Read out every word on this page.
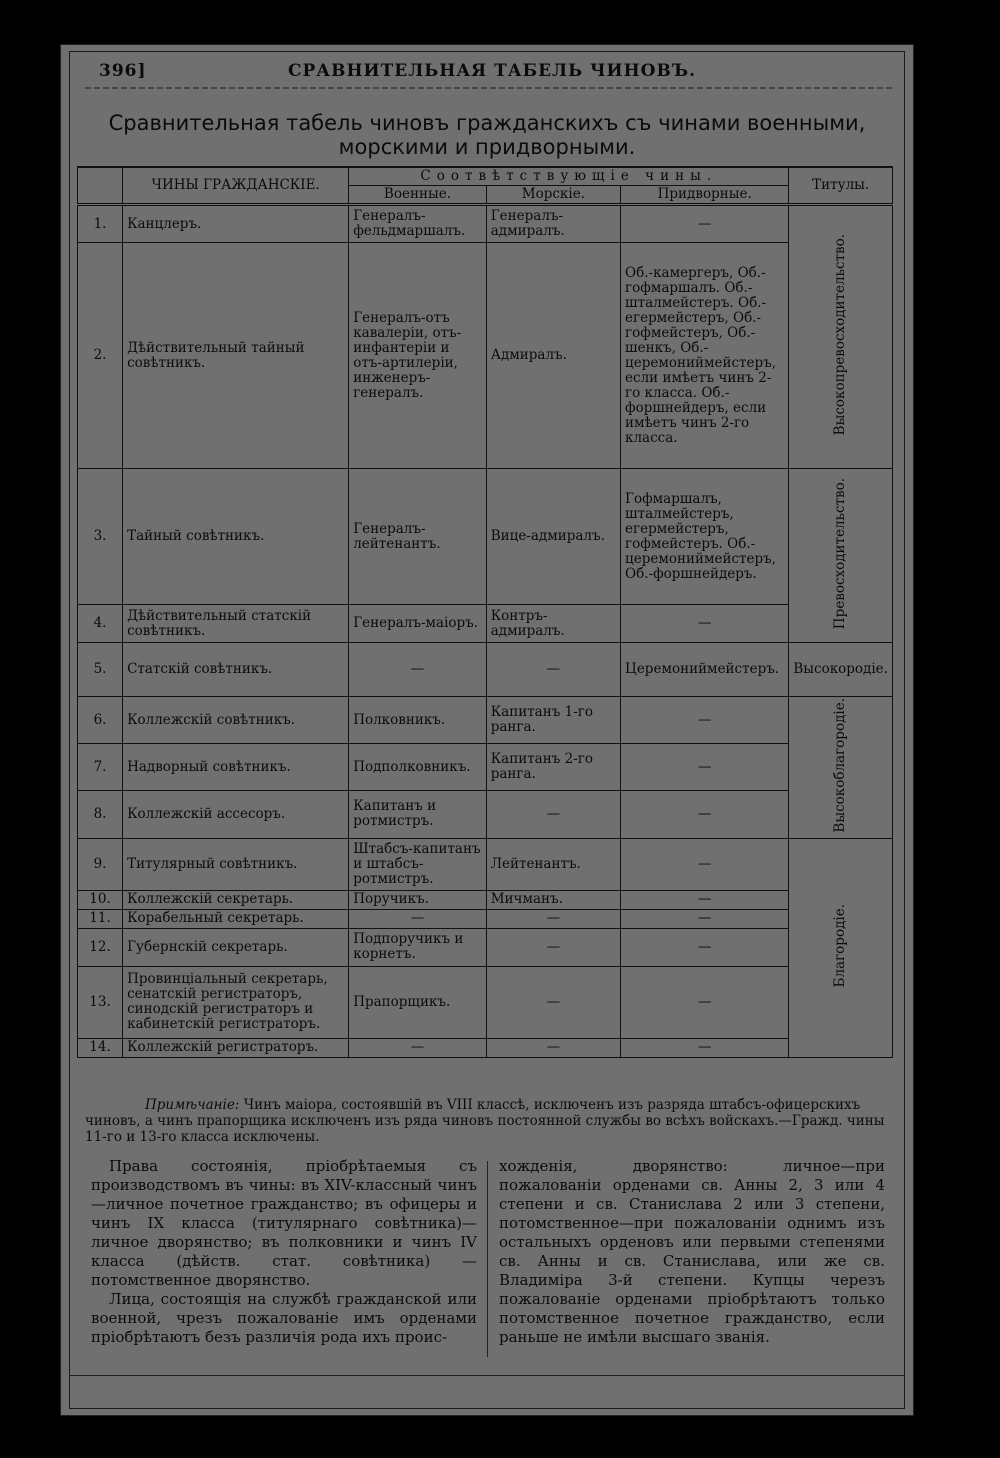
396]	СРАВНИТЕЛЬНАЯ ТАБЕЛЬ ЧИНОВЪ.
Сравнительная табель чиновъ гражданскихъ съ чинами военными, морскими и придворными.
	ЧИНЫ ГРАЖДАНСКІЕ.	Соотвѣтствующіе чины.			Титулы.
		Военные.	Морскіе.	Придворные.	
1.	Канцлеръ.	Генералъ-фельдмаршалъ.	Генералъ-адмиралъ.	—	Высокопревосходительство.
2.	Дѣйствительный тайный совѣтникъ.	Генералъ-отъ кавалеріи, отъ-инфантеріи и отъ-артилеріи, инженеръ-генералъ.	Адмиралъ.	Об.-камергеръ, Об.-гофмаршалъ. Об.-шталмейстеръ. Об.-егермейстеръ, Об.-гофмейстеръ, Об.-шенкъ, Об.-церемониймейстеръ, если имѣетъ чинъ 2-го класса. Об.-форшнейдеръ, если имѣетъ чинъ 2-го класса.	
3.	Тайный совѣтникъ.	Генералъ-лейтенантъ.	Вице-адмиралъ.	Гофмаршалъ, шталмейстеръ, егермейстеръ, гофмейстеръ. Об.-церемониймейстеръ, Об.-форшнейдеръ.	Превосходительство.
4.	Дѣйствительный статскій совѣтникъ.	Генералъ-маіоръ.	Контръ-адмиралъ.	—	
5.	Статскій совѣтникъ.	—	—	Церемониймейстеръ.	Высокородіе.
6.	Коллежскій совѣтникъ.	Полковникъ.	Капитанъ 1-го ранга.	—	Высокоблагородіе.
7.	Надворный совѣтникъ.	Подполковникъ.	Капитанъ 2-го ранга.	—	
8.	Коллежскій ассесоръ.	Капитанъ и ротмистръ.	—	—	
9.	Титулярный совѣтникъ.	Штабсъ-капитанъ и штабсъ-ротмистръ.	Лейтенантъ.	—	Благородіе.
10.	Коллежскій секретарь.	Поручикъ.	Мичманъ.	—	
11.	Корабельный секретарь.	—	—	—	
12.	Губернскій секретарь.	Подпоручикъ и корнетъ.	—	—	
13.	Провинціальный секретарь, сенатскій регистраторъ, синодскій регистраторъ и кабинетскій регистраторъ.	Прапорщикъ.	—	—	
14.	Коллежскій регистраторъ.	—	—	—	
Примѣчаніе: Чинъ маіора, состоявшій въ VIII классѣ, исключенъ изъ разряда штабсъ-офицерскихъ чиновъ, а чинъ прапорщика исключенъ изъ ряда чиновъ постоянной службы во всѣхъ войскахъ.—Гражд. чины 11-го и 13-го класса исключены.

Права состоянія, пріобрѣтаемыя съ производствомъ въ чины: въ XIV-классный чинъ—личное почетное гражданство; въ офицеры и чинъ IX класса (титулярнаго совѣтника)—личное дворянство; въ полковники и чинъ IV класса (дѣйств. стат. совѣтника) — потомственное дворянство.

Лица, состоящія на службѣ гражданской или военной, чрезъ пожалованіе имъ орденами пріобрѣтаютъ безъ различія рода ихъ проис-

хожденія, дворянство: личное—при пожалованіи орденами св. Анны 2, 3 или 4 степени и св. Станислава 2 или 3 степени, потомственное—при пожалованіи однимъ изъ остальныхъ орденовъ или первыми степенями св. Анны и св. Станислава, или же св. Владиміра 3-й степени. Купцы черезъ пожалованіе орденами пріобрѣтаютъ только потомственное почетное гражданство, если раньше не имѣли высшаго званія.
